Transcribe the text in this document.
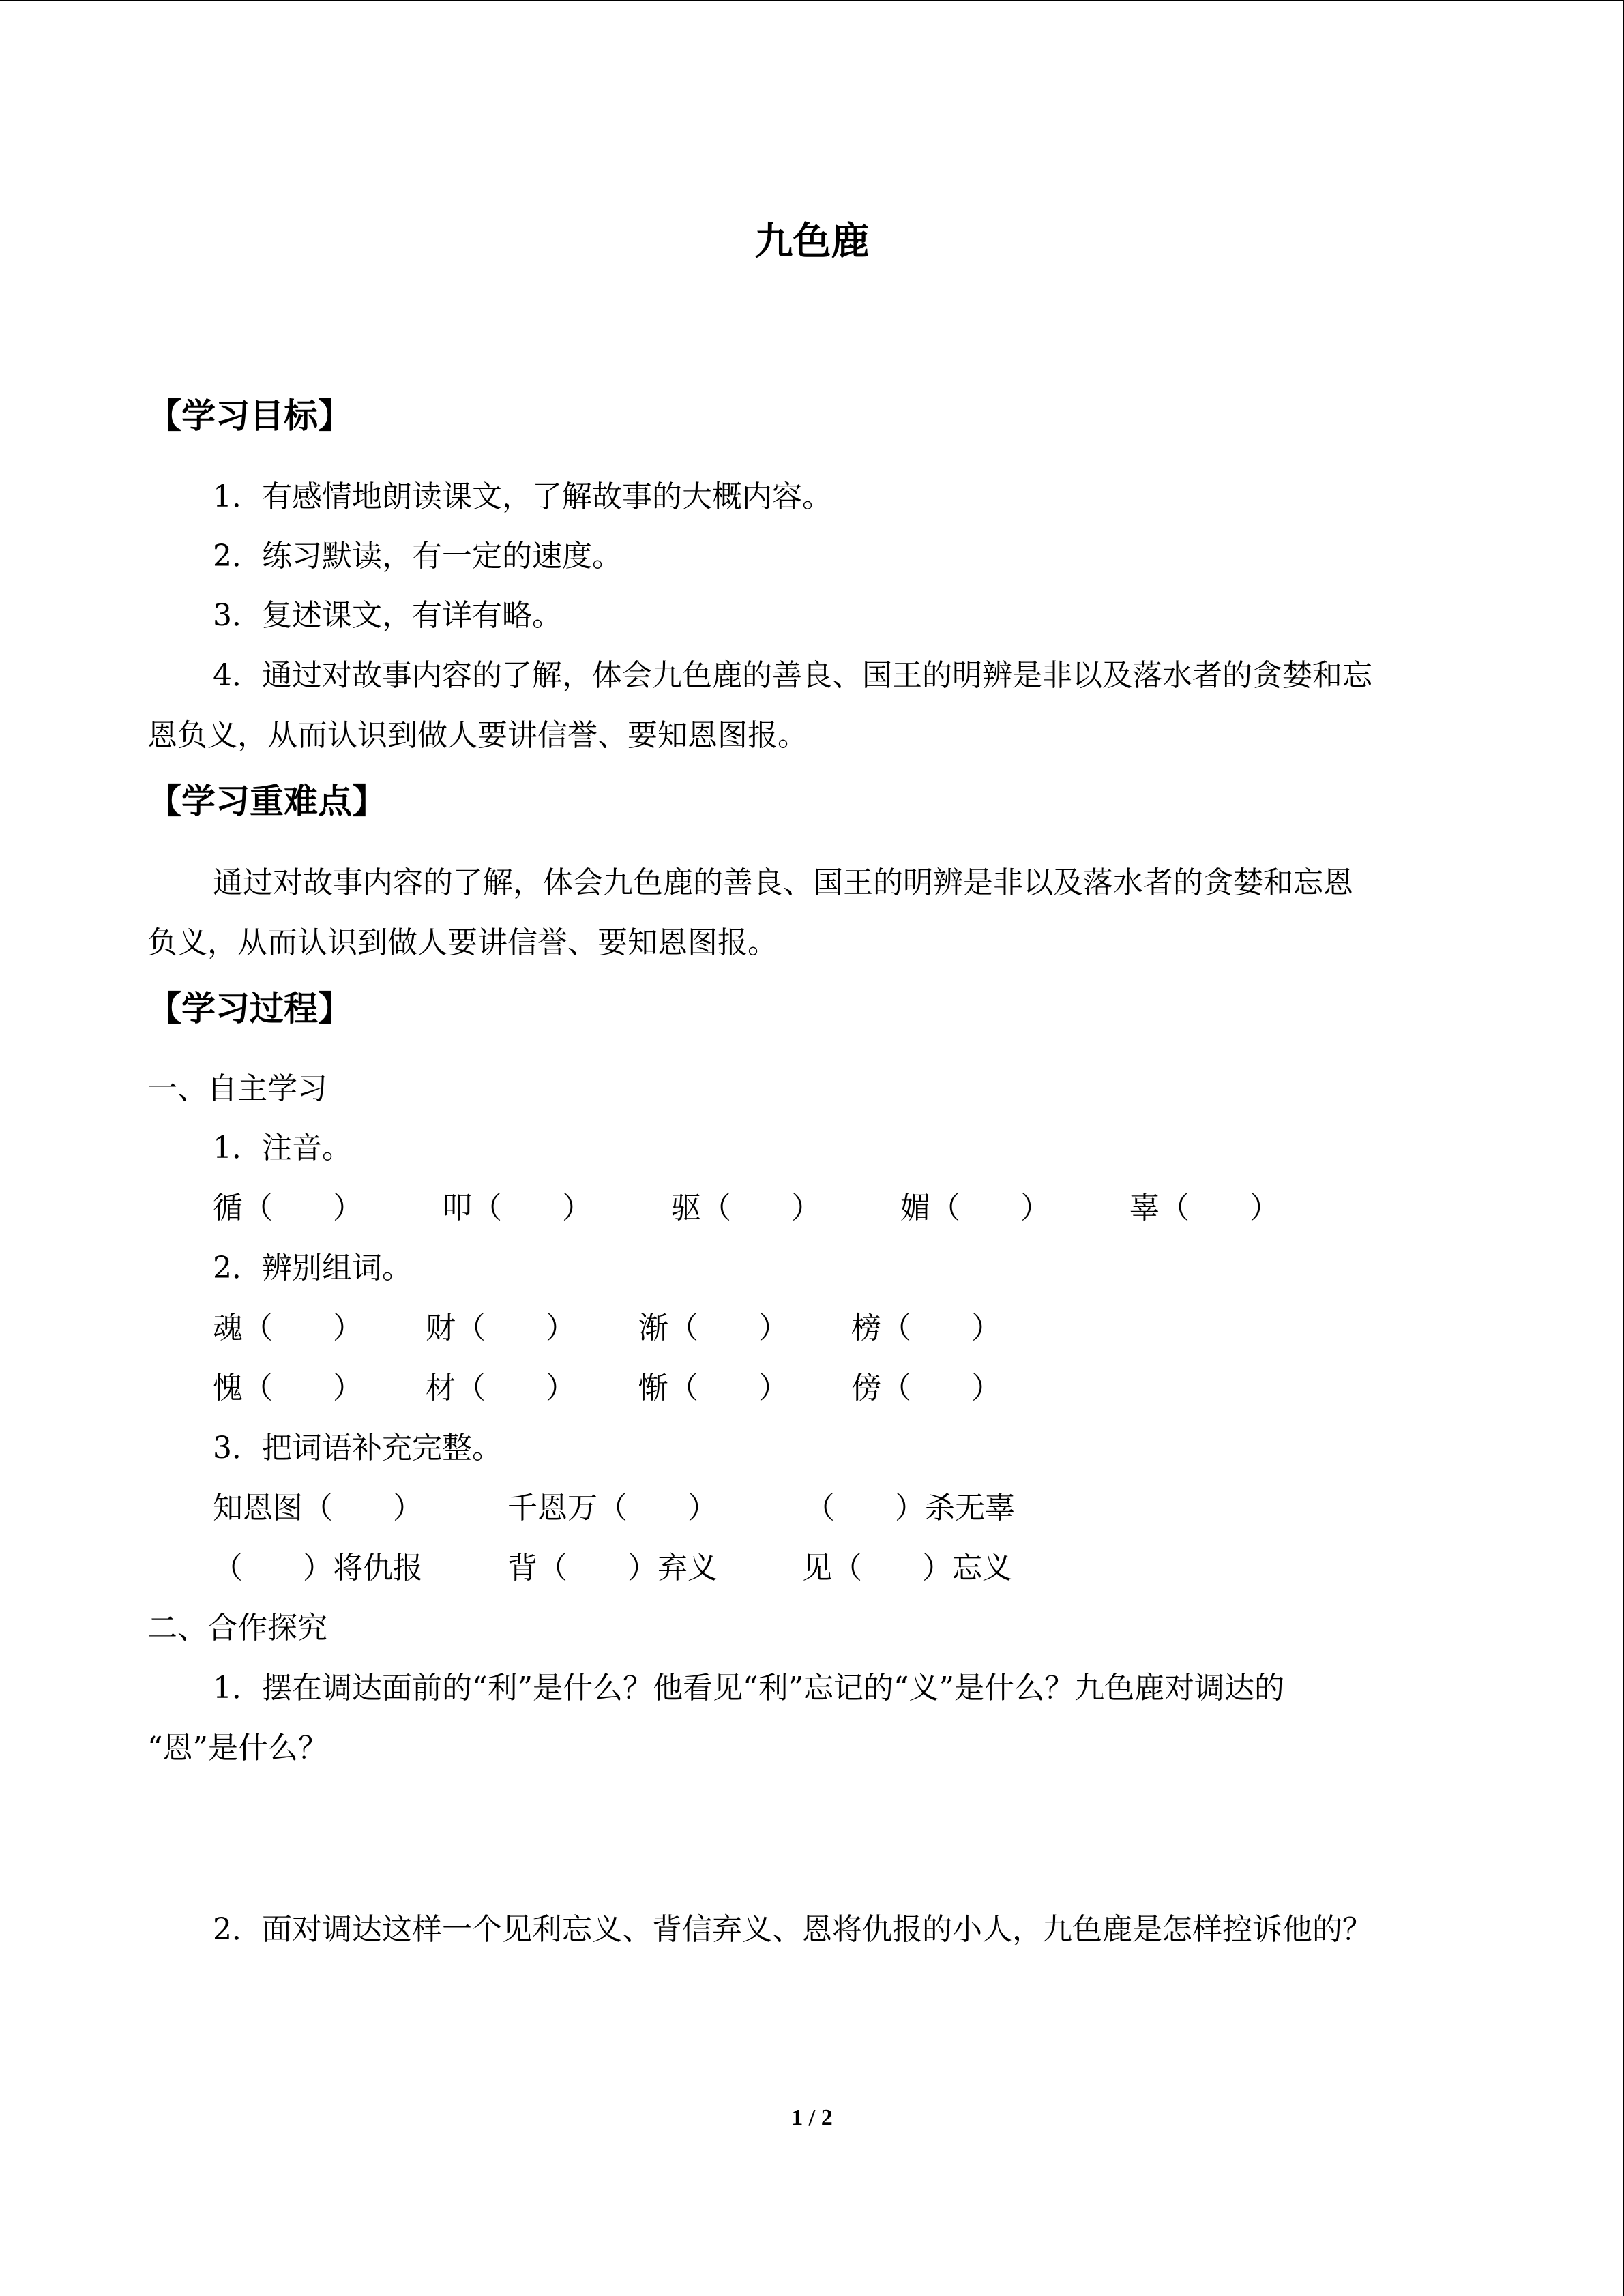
九色鹿
【学习目标】
1．有感情地朗读课文，了解故事的大概内容。
2．练习默读，有一定的速度。
3．复述课文，有详有略。
4．通过对故事内容的了解，体会九色鹿的善良、国王的明辨是非以及落水者的贪婪和忘
恩负义，从而认识到做人要讲信誉、要知恩图报。
【学习重难点】
通过对故事内容的了解，体会九色鹿的善良、国王的明辨是非以及落水者的贪婪和忘恩
负义，从而认识到做人要讲信誉、要知恩图报。
【学习过程】
一、自主学习
1．注音。
循（　　）	叩（　　）	驱（　　）	媚（　　）	辜（　　）
2．辨别组词。
魂（　　） 财（　　） 渐（　　） 榜（　　）
愧（　　） 材（　　） 惭（　　） 傍（　　）
3．把词语补充完整。
知恩图（　　）	千恩万（　　）	（　　）杀无辜
（　　）将仇报	背（　　）弃义	见（　　）忘义
二、合作探究
1．摆在调达面前的“利”是什么？他看见“利”忘记的“义”是什么？九色鹿对调达的
“恩”是什么？
2．面对调达这样一个见利忘义、背信弃义、恩将仇报的小人，九色鹿是怎样控诉他的？
1 / 2
